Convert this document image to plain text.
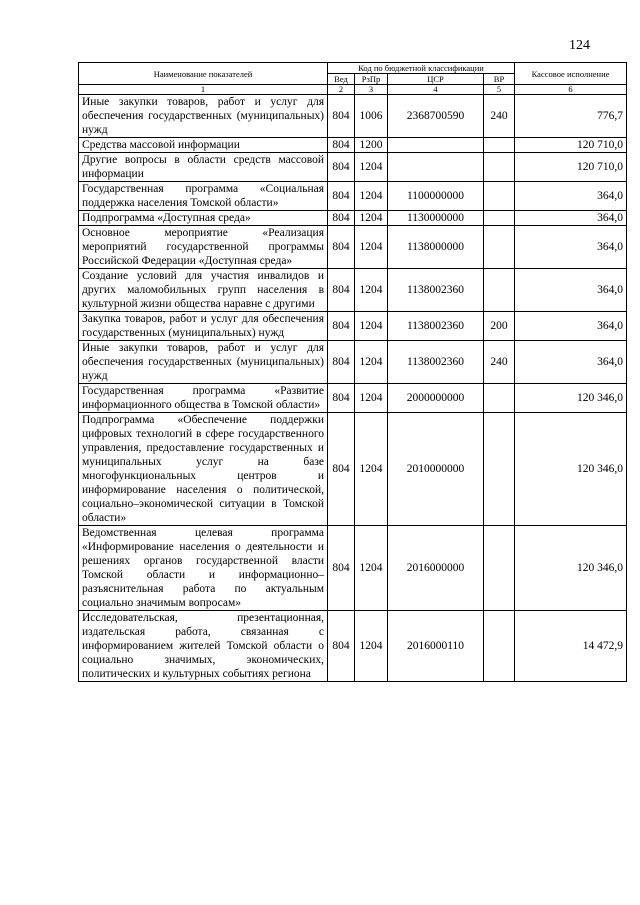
124
Наименование показателей	Код по бюджетной классификации				Кассовое исполнение
	Вед	РзПр	ЦСР	ВР	
1	2	3	4	5	6
Иные закупки товаров, работ и услуг для обеспечения государственных (муниципальных) нужд	804	1006	2368700590	240	776,7
Средства массовой информации	804	1200			120 710,0
Другие вопросы в области средств массовой информации	804	1204			120 710,0
Государственная программа «Социальная поддержка населения Томской области»	804	1204	1100000000		364,0
Подпрограмма «Доступная среда»	804	1204	1130000000		364,0
Основное мероприятие «Реализация мероприятий государственной программы Российской Федерации «Доступная среда»	804	1204	1138000000		364,0
Создание условий для участия инвалидов и других маломобильных групп населения в культурной жизни общества наравне с другими	804	1204	1138002360		364,0
Закупка товаров, работ и услуг для обеспечения государственных (муниципальных) нужд	804	1204	1138002360	200	364,0
Иные закупки товаров, работ и услуг для обеспечения государственных (муниципальных) нужд	804	1204	1138002360	240	364,0
Государственная программа «Развитие информационного общества в Томской области»	804	1204	2000000000		120 346,0
Подпрограмма «Обеспечение поддержки цифровых технологий в сфере государственного управления, предоставление государственных и муниципальных услуг на базе многофункциональных центров и информирование населения о политической, социально–экономической ситуации в Томской области»	804	1204	2010000000		120 346,0
Ведомственная целевая программа «Информирование населения о деятельности и решениях органов государственной власти Томской области и информационно–разъяснительная работа по актуальным социально значимым вопросам»	804	1204	2016000000		120 346,0
Исследовательская, презентационная, издательская работа, связанная с информированием жителей Томской области о социально значимых, экономических, политических и культурных событиях региона	804	1204	2016000110		14 472,9
